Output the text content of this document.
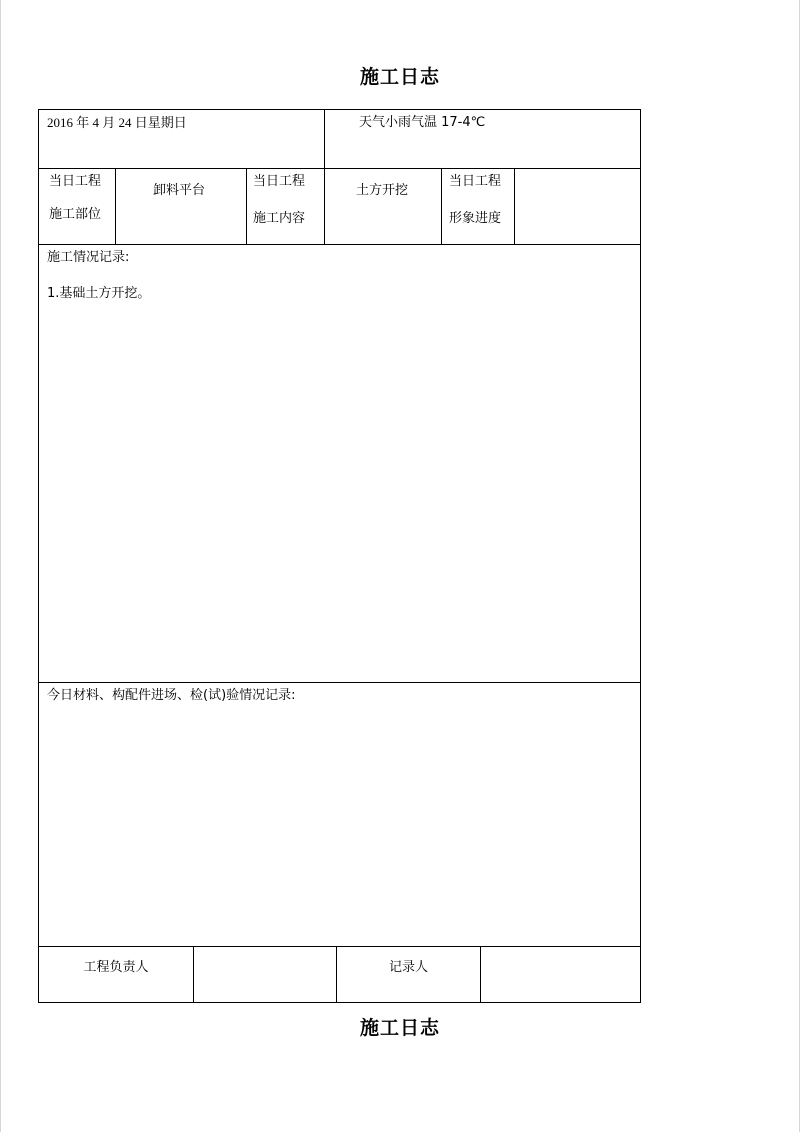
施工日志
2016 年 4 月 24 日星期日	天气小雨气温 17-4℃
当日工程
施工部位
卸料平台
当日工程
施工内容
土方开挖
当日工程
形象进度
施工情况记录:
1.基础土方开挖。
今日材料、构配件进场、检(试)验情况记录:
工程负责人	记录人
施工日志
